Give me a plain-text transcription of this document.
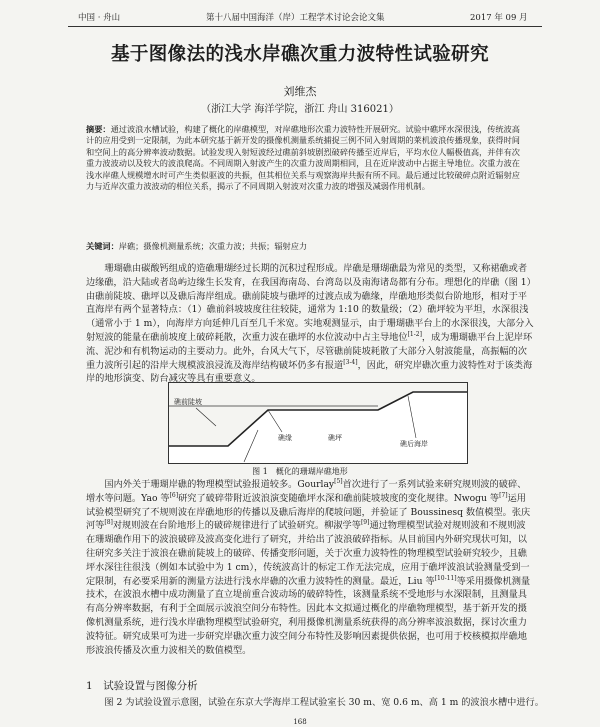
中国 · 舟山	第十八届中国海洋（岸）工程学术讨论会论文集	2017 年 09 月
基于图像法的浅水岸礁次重力波特性试验研究
刘维杰
（浙江大学 海洋学院，浙江 舟山 316021）
摘要：通过波浪水槽试验，构建了概化的岸礁模型，对岸礁地形次重力波特性开展研究。试验中礁坪水深很浅，传统波高计的应用受到一定限制，为此本研究基于新开发的摄像机测量系统捕捉三例不同入射周期的莱机波浪传播现象，获得时间和空间上的高分辨率波动数据。试验发现入射短波经过礁前斜坡剧烈破碎传播至近岸后，平均水位人幅极值高，并伴有次重力波波动以及较大的波浪爬高。不同周期入射波产生的次重力波周期相同，且在近岸波动中占据主导地位。次重力波在浅水岸礁人规模增水时可产生类似驱波的共振，但其相位关系与观察海岸共振有所不同。最后通过比较破碎点附近辐射应力与近岸次重力波波动的相位关系，揭示了不同周期入射波对次重力波的增强及减弱作用机制。
关键词：岸礁；摄像机测量系统；次重力波；共振；辐射应力
珊瑚礁由碳酸钙组成的造礁珊瑚经过长期的沉积过程形成。岸礁是珊瑚礁最为常见的类型，又称裙礁或者边缘礁，沿大陆或者岛屿边缘生长发育，在我国海南岛、台湾岛以及南海诸岛都有分布。理想化的岸礁（图 1）由礁前陡坡、礁坪以及礁后海岸组成。礁前陡坡与礁坪的过渡点成为礁缘，岸礁地形类似台阶地形，相对于平直海岸有两个显著特点：（1）礁前斜坡坡度往往较陡，通常为 1:10 的数量级；（2）礁坪较为平坦，水深很浅（通常小于 1 m），向海岸方向延伸几百至几千米宽。实地观测显示，由于珊瑚礁平台上的水深很浅，大部分入射短波的能量在礁前坡度上破碎耗散，次重力波在礁坪的水位波动中占主导地位[1-2]，成为珊瑚礁平台上泥岸环流、泥沙和有机物运动的主要动力。此外，台风大气下，尽管礁前陡坡耗散了大部分入射波能量，高振幅的次重力波所引起的沿岸大规模波浪浸流及海岸结构破坏仍多有报道[3-4]，因此，研究岸礁次重力波特性对于该类海岸的地形演变、防台减灾等具有重要意义。
礁前陡坡
礁缘	礁坪
礁后海岸
图 1　概化的珊瑚岸礁地形
国内外关于珊瑚岸礁的物理模型试验报道较多。Gourlay[5]首次进行了一系列试验来研究规则波的破碎、增水等问题。Yao 等[6]研究了破碎带附近波浪演变随礁坪水深和礁前陡坡坡度的变化规律。Nwogu 等[7]运用试验模型研究了不规则波在岸礁地形的传播以及礁后海岸的爬坡问题，并验证了 Boussinesq 数值模型。张庆河等[8]对规则波在台阶地形上的破碎规律进行了试验研究。柳淑学等[9]通过物理模型试验对规则波和不规则波在珊瑚礁作用下的波浪破碎及波高变化进行了研究，并给出了波浪破碎指标。从目前国内外研究现状可知，以往研究多关注于波浪在礁前陡坡上的破碎、传播变形问题，关于次重力波特性的物理模型试验研究较少，且礁坪水深往往很浅（例如本试验中为 1 cm），传统波高计的标定工作无法完成，应用于礁坪波浪试验测量受到一定限制，有必要采用新的测量方法进行浅水岸礁的次重力波特性的测量。最近，Liu 等[10-11]等采用摄像机测量技术，在波浪水槽中成功测量了直立堤前重合波动场的破碎特性，该测量系统不受地形与水深限制，且测量具有高分辨率数据，有利于全面展示波浪空间分布特性。因此本文拟通过概化的岸礁物理模型，基于新开发的摄像机测量系统，进行浅水岸礁物理模型试验研究，利用摄像机测量系统获得的高分辨率波浪数据，探讨次重力波特征。研究成果可为进一步研究岸礁次重力波空间分布特性及影响因素提供依据，也可用于校核模拟岸礁地形波浪传播及次重力波相关的数值模型。
1　试验设置与图像分析
图 2 为试验设置示意图，试验在东京大学海岸工程试验室长 30 m、宽 0.6 m、高 1 m 的波浪水槽中进行。
168
